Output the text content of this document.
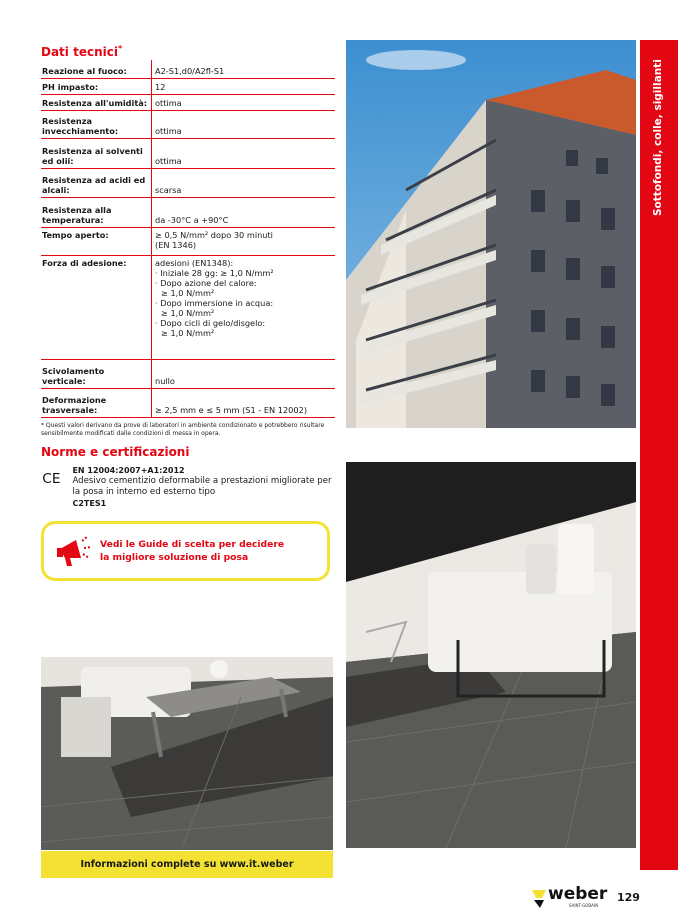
Dati tecnici*
Reazione al fuoco:	A2-S1,d0/A2fl-S1
PH impasto:	12
Resistenza all'umidità: ottima
Resistenza invecchiamento:	ottima
Resistenza ai solventi ed olii:	ottima
Resistenza ad acidi ed alcali:	scarsa
Resistenza alla temperatura:	da -30°C a +90°C
Tempo aperto:	≥ 0,5 N/mm² dopo 30 minuti
(EN 1346)
Forza di adesione:	adesioni (EN1348):
· Iniziale 28 gg: ≥ 1,0 N/mm²
· Dopo azione del calore:
≥ 1,0 N/mm²
· Dopo immersione in acqua:
≥ 1,0 N/mm²
· Dopo cicli di gelo/disgelo:
≥ 1,0 N/mm²
Scivolamento verticale:	nullo
Deformazione trasversale:	≥ 2,5 mm e ≤ 5 mm (S1 - EN 12002)
* Questi valori derivano da prove di laboratori in ambiente condizionato e potrebbero risultare sensibilmente modificati dalle condizioni di messa in opera.
Norme e certificazioni
CE
EN 12004:2007+A1:2012
Adesivo cementizio deformabile a prestazioni migliorate per la posa in interno ed esterno tipo
C2TES1
Vedi le Guide di scelta per decidere
la migliore soluzione di posa
Informazioni complete su www.it.weber
Sottofondi, colle, sigillanti
weber
SAINT-GOBAIN
129
